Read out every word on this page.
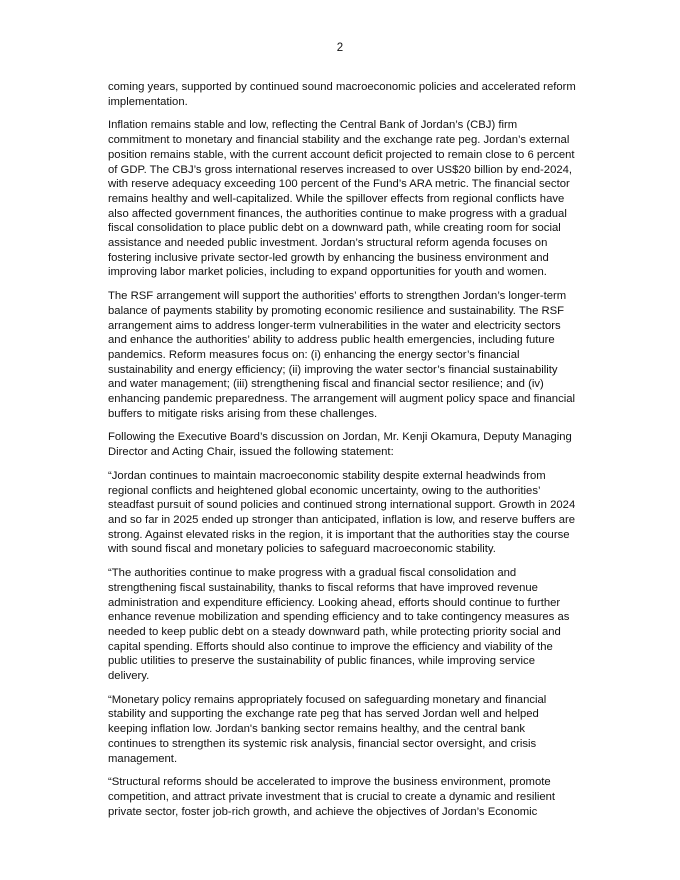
2

coming years, supported by continued sound macroeconomic policies and accelerated reform implementation.

Inflation remains stable and low, reflecting the Central Bank of Jordan’s (CBJ) firm commitment to monetary and financial stability and the exchange rate peg. Jordan’s external position remains stable, with the current account deficit projected to remain close to 6 percent of GDP. The CBJ’s gross international reserves increased to over US$20 billion by end-2024, with reserve adequacy exceeding 100 percent of the Fund’s ARA metric. The financial sector remains healthy and well-capitalized. While the spillover effects from regional conflicts have also affected government finances, the authorities continue to make progress with a gradual fiscal consolidation to place public debt on a downward path, while creating room for social assistance and needed public investment. Jordan’s structural reform agenda focuses on fostering inclusive private sector-led growth by enhancing the business environment and improving labor market policies, including to expand opportunities for youth and women.

The RSF arrangement will support the authorities’ efforts to strengthen Jordan’s longer-term balance of payments stability by promoting economic resilience and sustainability. The RSF arrangement aims to address longer-term vulnerabilities in the water and electricity sectors and enhance the authorities’ ability to address public health emergencies, including future pandemics. Reform measures focus on: (i) enhancing the energy sector’s financial sustainability and energy efficiency; (ii) improving the water sector’s financial sustainability and water management; (iii) strengthening fiscal and financial sector resilience; and (iv) enhancing pandemic preparedness. The arrangement will augment policy space and financial buffers to mitigate risks arising from these challenges.

Following the Executive Board’s discussion on Jordan, Mr. Kenji Okamura, Deputy Managing Director and Acting Chair, issued the following statement:

“Jordan continues to maintain macroeconomic stability despite external headwinds from regional conflicts and heightened global economic uncertainty, owing to the authorities’ steadfast pursuit of sound policies and continued strong international support. Growth in 2024 and so far in 2025 ended up stronger than anticipated, inflation is low, and reserve buffers are strong. Against elevated risks in the region, it is important that the authorities stay the course with sound fiscal and monetary policies to safeguard macroeconomic stability.

“The authorities continue to make progress with a gradual fiscal consolidation and strengthening fiscal sustainability, thanks to fiscal reforms that have improved revenue administration and expenditure efficiency. Looking ahead, efforts should continue to further enhance revenue mobilization and spending efficiency and to take contingency measures as needed to keep public debt on a steady downward path, while protecting priority social and capital spending. Efforts should also continue to improve the efficiency and viability of the public utilities to preserve the sustainability of public finances, while improving service delivery.

“Monetary policy remains appropriately focused on safeguarding monetary and financial stability and supporting the exchange rate peg that has served Jordan well and helped keeping inflation low. Jordan's banking sector remains healthy, and the central bank continues to strengthen its systemic risk analysis, financial sector oversight, and crisis management.

“Structural reforms should be accelerated to improve the business environment, promote competition, and attract private investment that is crucial to create a dynamic and resilient private sector, foster job-rich growth, and achieve the objectives of Jordan’s Economic
